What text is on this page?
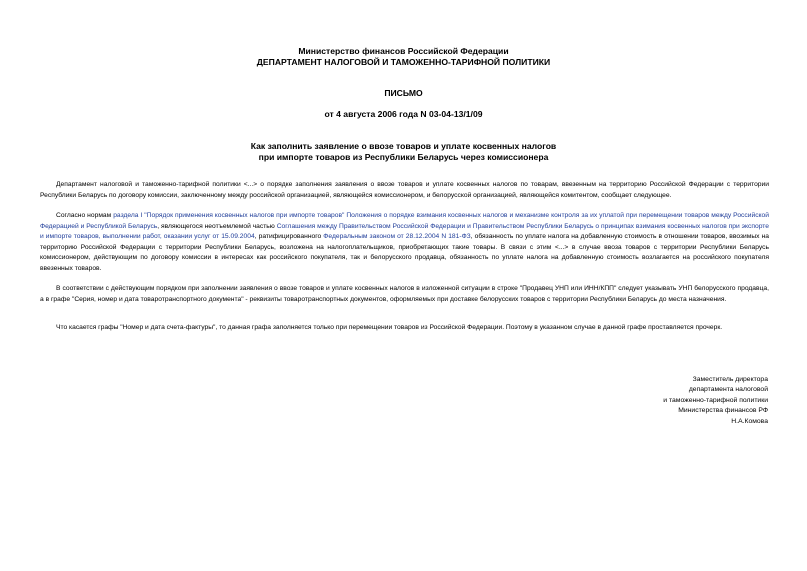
Министерство финансов Российской Федерации
ДЕПАРТАМЕНТ НАЛОГОВОЙ И ТАМОЖЕННО-ТАРИФНОЙ ПОЛИТИКИ
ПИСЬМО
от 4 августа 2006 года N 03-04-13/1/09
Как заполнить заявление о ввозе товаров и уплате косвенных налогов
при импорте товаров из Республики Беларусь через комиссионера

Департамент налоговой и таможенно-тарифной политики <...> о порядке заполнения заявления о ввозе товаров и уплате косвенных налогов по товарам, ввезенным на территорию Российской Федерации с территории Республики Беларусь по договору комиссии, заключенному между российской организацией, являющейся комиссионером, и белорусской организацией, являющейся комитентом, сообщает следующее.

Согласно нормам раздела I "Порядок применения косвенных налогов при импорте товаров" Положения о порядке взимания косвенных налогов и механизме контроля за их уплатой при перемещении товаров между Российской Федерацией и Республикой Беларусь, являющегося неотъемлемой частью Соглашения между Правительством Российской Федерации и Правительством Республики Беларусь о принципах взимания косвенных налогов при экспорте и импорте товаров, выполнении работ, оказании услуг от 15.09.2004, ратифицированного Федеральным законом от 28.12.2004 N 181-ФЗ, обязанность по уплате налога на добавленную стоимость в отношении товаров, ввозимых на территорию Российской Федерации с территории Республики Беларусь, возложена на налогоплательщиков, приобретающих такие товары. В связи с этим <...> в случае ввоза товаров с территории Республики Беларусь комиссионером, действующим по договору комиссии в интересах как российского покупателя, так и белорусского продавца, обязанность по уплате налога на добавленную стоимость возлагается на российского покупателя ввезенных товаров.

В соответствии с действующим порядком при заполнении заявления о ввозе товаров и уплате косвенных налогов в изложенной ситуации в строке "Продавец УНП или ИНН/КПП" следует указывать УНП белорусского продавца, а в графе "Серия, номер и дата товаротранспортного документа" - реквизиты товаротранспортных документов, оформляемых при доставке белорусских товаров с территории Республики Беларусь до места назначения.

Что касается графы "Номер и дата счета-фактуры", то данная графа заполняется только при перемещении товаров из Российской Федерации. Поэтому в указанном случае в данной графе проставляется прочерк.

Заместитель директора
департамента налоговой
и таможенно-тарифной политики
Министерства финансов РФ
Н.А.Комова
